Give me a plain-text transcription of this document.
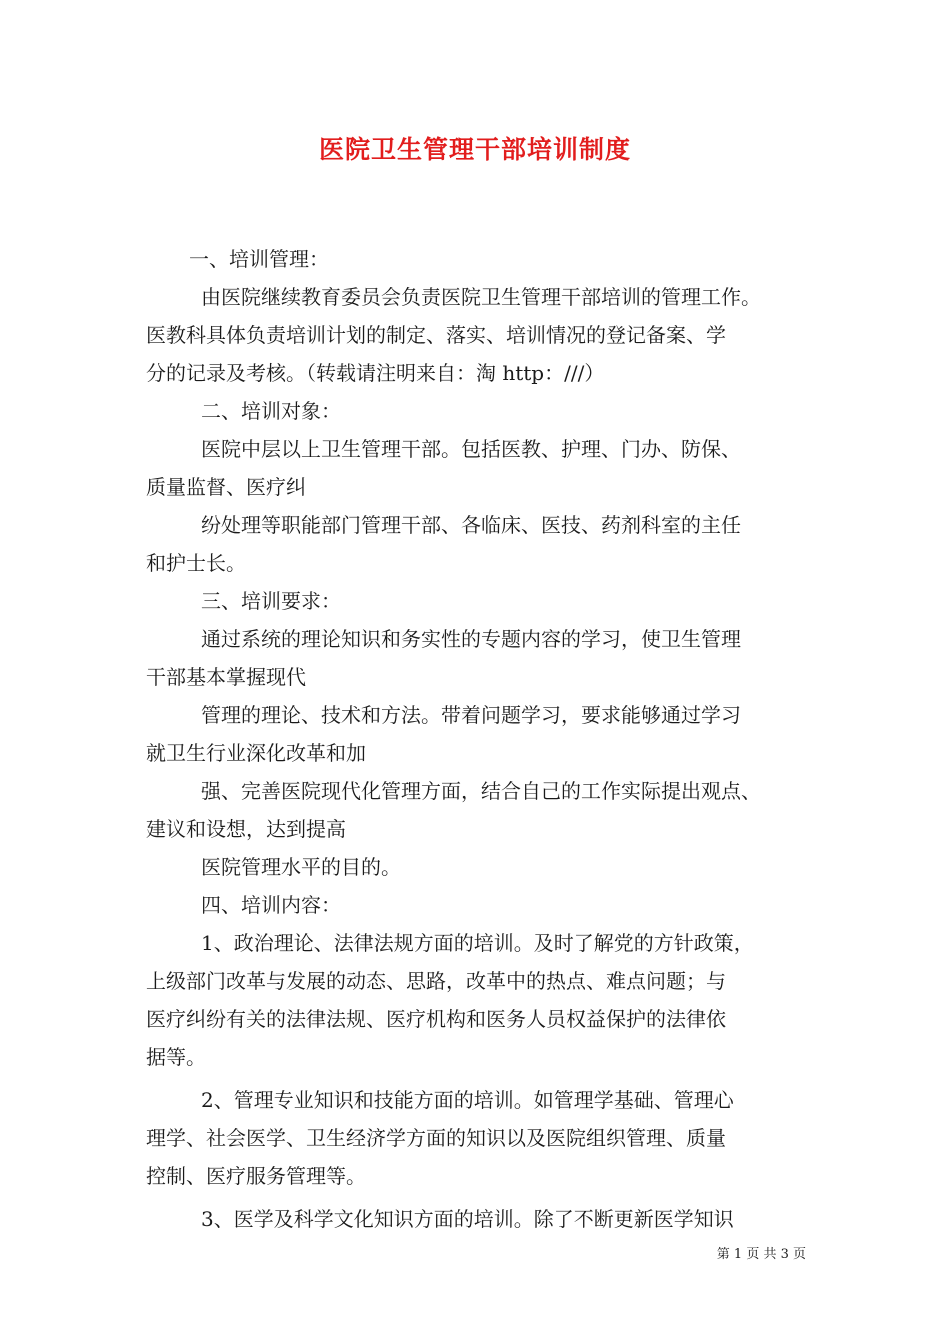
医院卫生管理干部培训制度
一、培训管理：
由医院继续教育委员会负责医院卫生管理干部培训的管理工作。
医教科具体负责培训计划的制定、落实、培训情况的登记备案、学
分的记录及考核。（转载请注明来自：淘 http：///）
二、培训对象：
医院中层以上卫生管理干部。包括医教、护理、门办、防保、
质量监督、医疗纠
纷处理等职能部门管理干部、各临床、医技、药剂科室的主任
和护士长。
三、培训要求：
通过系统的理论知识和务实性的专题内容的学习，使卫生管理
干部基本掌握现代
管理的理论、技术和方法。带着问题学习，要求能够通过学习
就卫生行业深化改革和加
强、完善医院现代化管理方面，结合自己的工作实际提出观点、
建议和设想，达到提高
医院管理水平的目的。
四、培训内容：
1、政治理论、法律法规方面的培训。及时了解党的方针政策，
上级部门改革与发展的动态、思路，改革中的热点、难点问题；与
医疗纠纷有关的法律法规、医疗机构和医务人员权益保护的法律依
据等。
2、管理专业知识和技能方面的培训。如管理学基础、管理心
理学、社会医学、卫生经济学方面的知识以及医院组织管理、质量
控制、医疗服务管理等。
3、医学及科学文化知识方面的培训。除了不断更新医学知识
第 1 页 共 3 页
